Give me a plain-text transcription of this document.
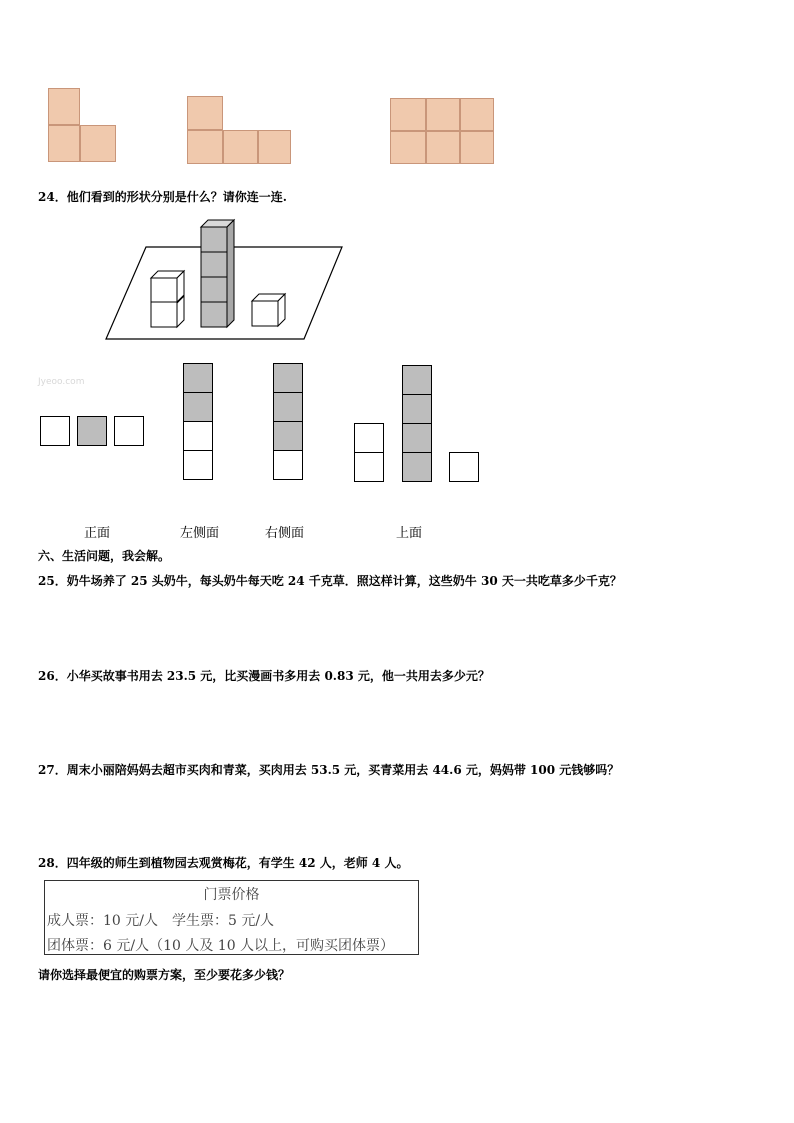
24．他们看到的形状分别是什么？请你连一连.
Jyeoo.com
正面	左侧面	右侧面	上面
六、生活问题，我会解。
25．奶牛场养了 25 头奶牛，每头奶牛每天吃 24 千克草．照这样计算，这些奶牛 30 天一共吃草多少千克？
26．小华买故事书用去 23.5 元，比买漫画书多用去 0.83 元，他一共用去多少元？
27．周末小丽陪妈妈去超市买肉和青菜，买肉用去 53.5 元，买青菜用去 44.6 元，妈妈带 100 元钱够吗？
28．四年级的师生到植物园去观赏梅花，有学生 42 人，老师 4 人。
门票价格
成人票：10 元/人　学生票：5 元/人
团体票：6 元/人（10 人及 10 人以上，可购买团体票）
请你选择最便宜的购票方案，至少要花多少钱？
